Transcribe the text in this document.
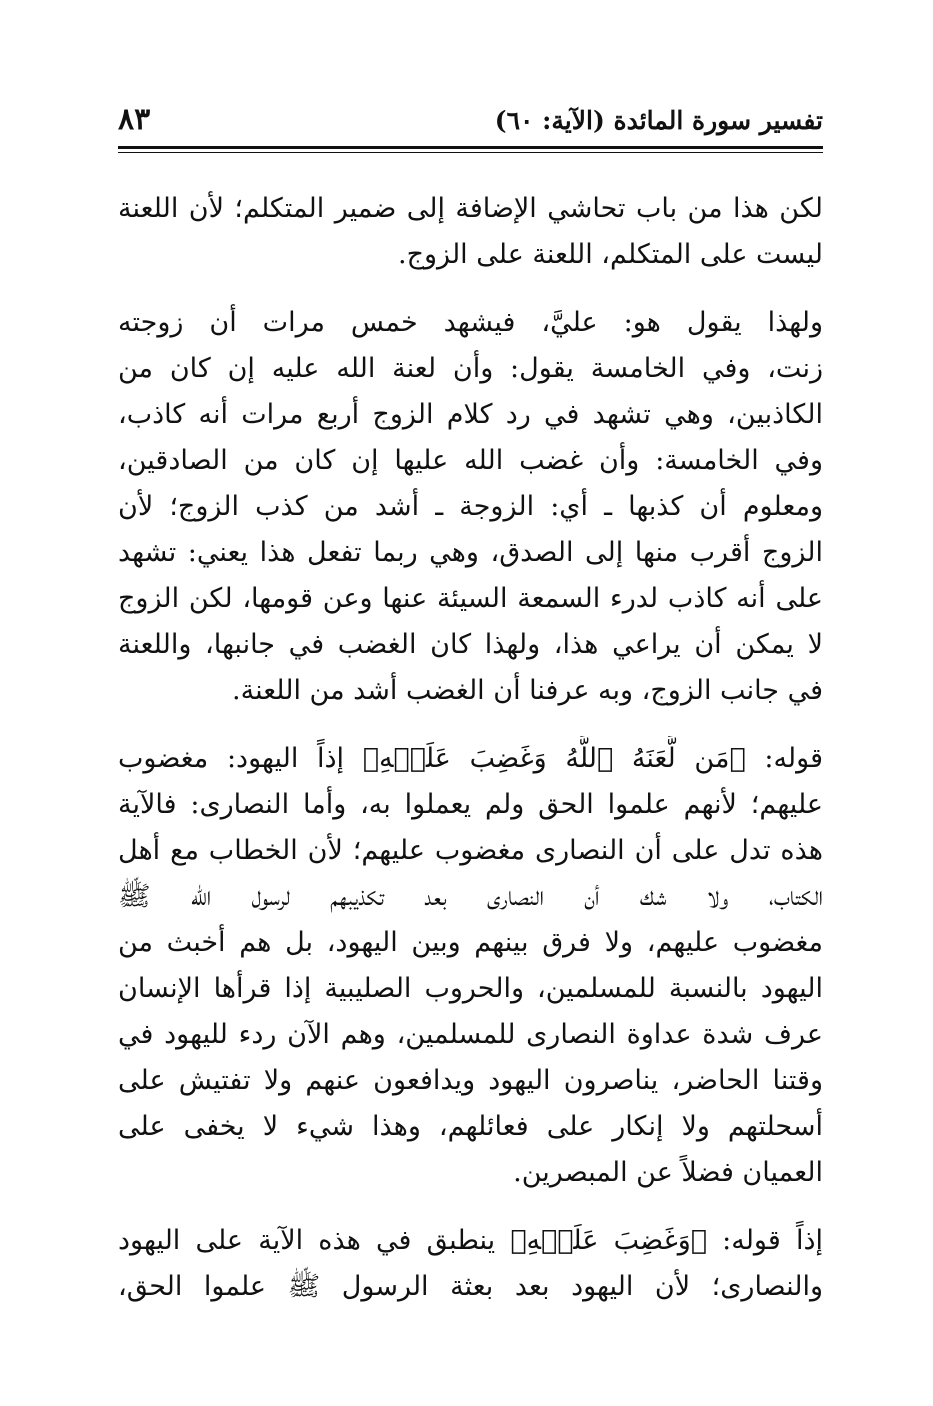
تفسير سورة المائدة (الآية: ٦٠)
٨٣
لكن هذا من باب تحاشي الإضافة إلى ضمير المتكلم؛ لأن اللعنة
ليست على المتكلم، اللعنة على الزوج.
ولهذا يقول هو: عليَّ، فيشهد خمس مرات أن زوجته
زنت، وفي الخامسة يقول: وأن لعنة الله عليه إن كان من
الكاذبين، وهي تشهد في رد كلام الزوج أربع مرات أنه كاذب،
وفي الخامسة: وأن غضب الله عليها إن كان من الصادقين،
ومعلوم أن كذبها ـ أي: الزوجة ـ أشد من كذب الزوج؛ لأن
الزوج أقرب منها إلى الصدق، وهي ربما تفعل هذا يعني: تشهد
على أنه كاذب لدرء السمعة السيئة عنها وعن قومها، لكن الزوج
لا يمكن أن يراعي هذا، ولهذا كان الغضب في جانبها، واللعنة
في جانب الزوج، وبه عرفنا أن الغضب أشد من اللعنة.
قوله: ﴿مَن لَّعَنَهُ ٱللَّهُ وَغَضِبَ عَلَيۡهِ﴾ إذاً اليهود: مغضوب
عليهم؛ لأنهم علموا الحق ولم يعملوا به، وأما النصارى: فالآية
هذه تدل على أن النصارى مغضوب عليهم؛ لأن الخطاب مع أهل
الكتاب، ولا شك أن النصارى بعد تكذيبهم لرسول الله ﷺ
مغضوب عليهم، ولا فرق بينهم وبين اليهود، بل هم أخبث من
اليهود بالنسبة للمسلمين، والحروب الصليبية إذا قرأها الإنسان
عرف شدة عداوة النصارى للمسلمين، وهم الآن ردء لليهود في
وقتنا الحاضر، يناصرون اليهود ويدافعون عنهم ولا تفتيش على
أسحلتهم ولا إنكار على فعائلهم، وهذا شيء لا يخفى على
العميان فضلاً عن المبصرين.
إذاً قوله: ﴿وَغَضِبَ عَلَيۡهِ﴾ ينطبق في هذه الآية على اليهود
والنصارى؛ لأن اليهود بعد بعثة الرسول ﷺ علموا الحق،
